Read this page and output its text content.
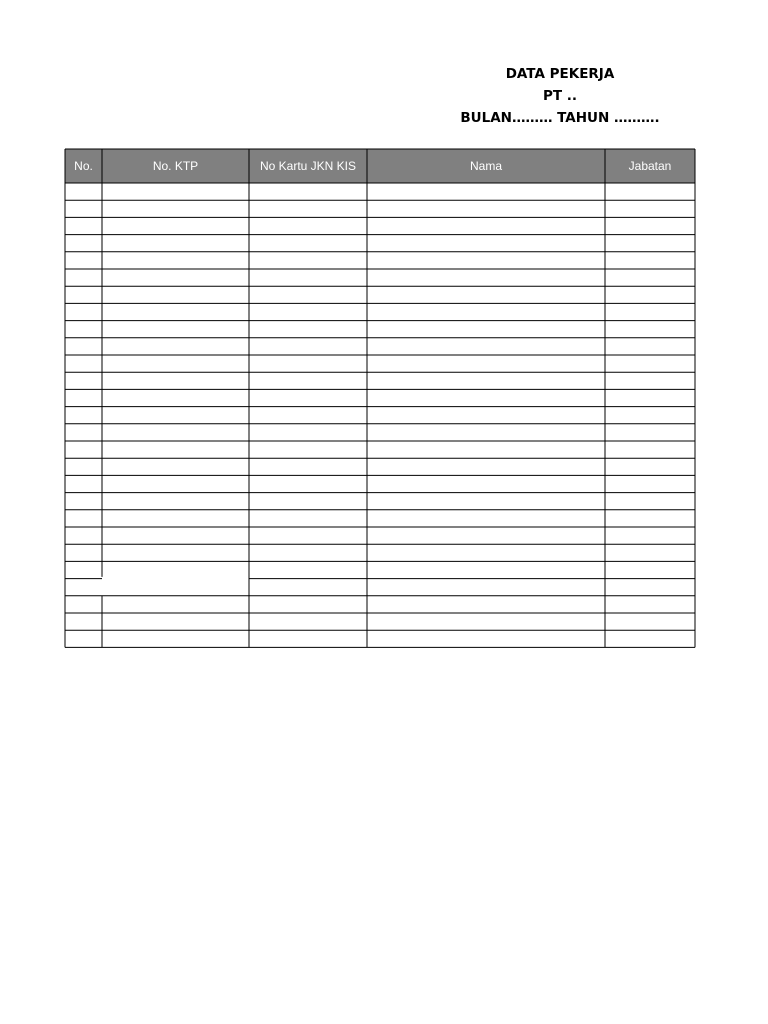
DATA PEKERJA
PT ..
BULAN……… TAHUN ……….
No.	No. KTP	No Kartu JKN KIS	Nama	Jabatan
